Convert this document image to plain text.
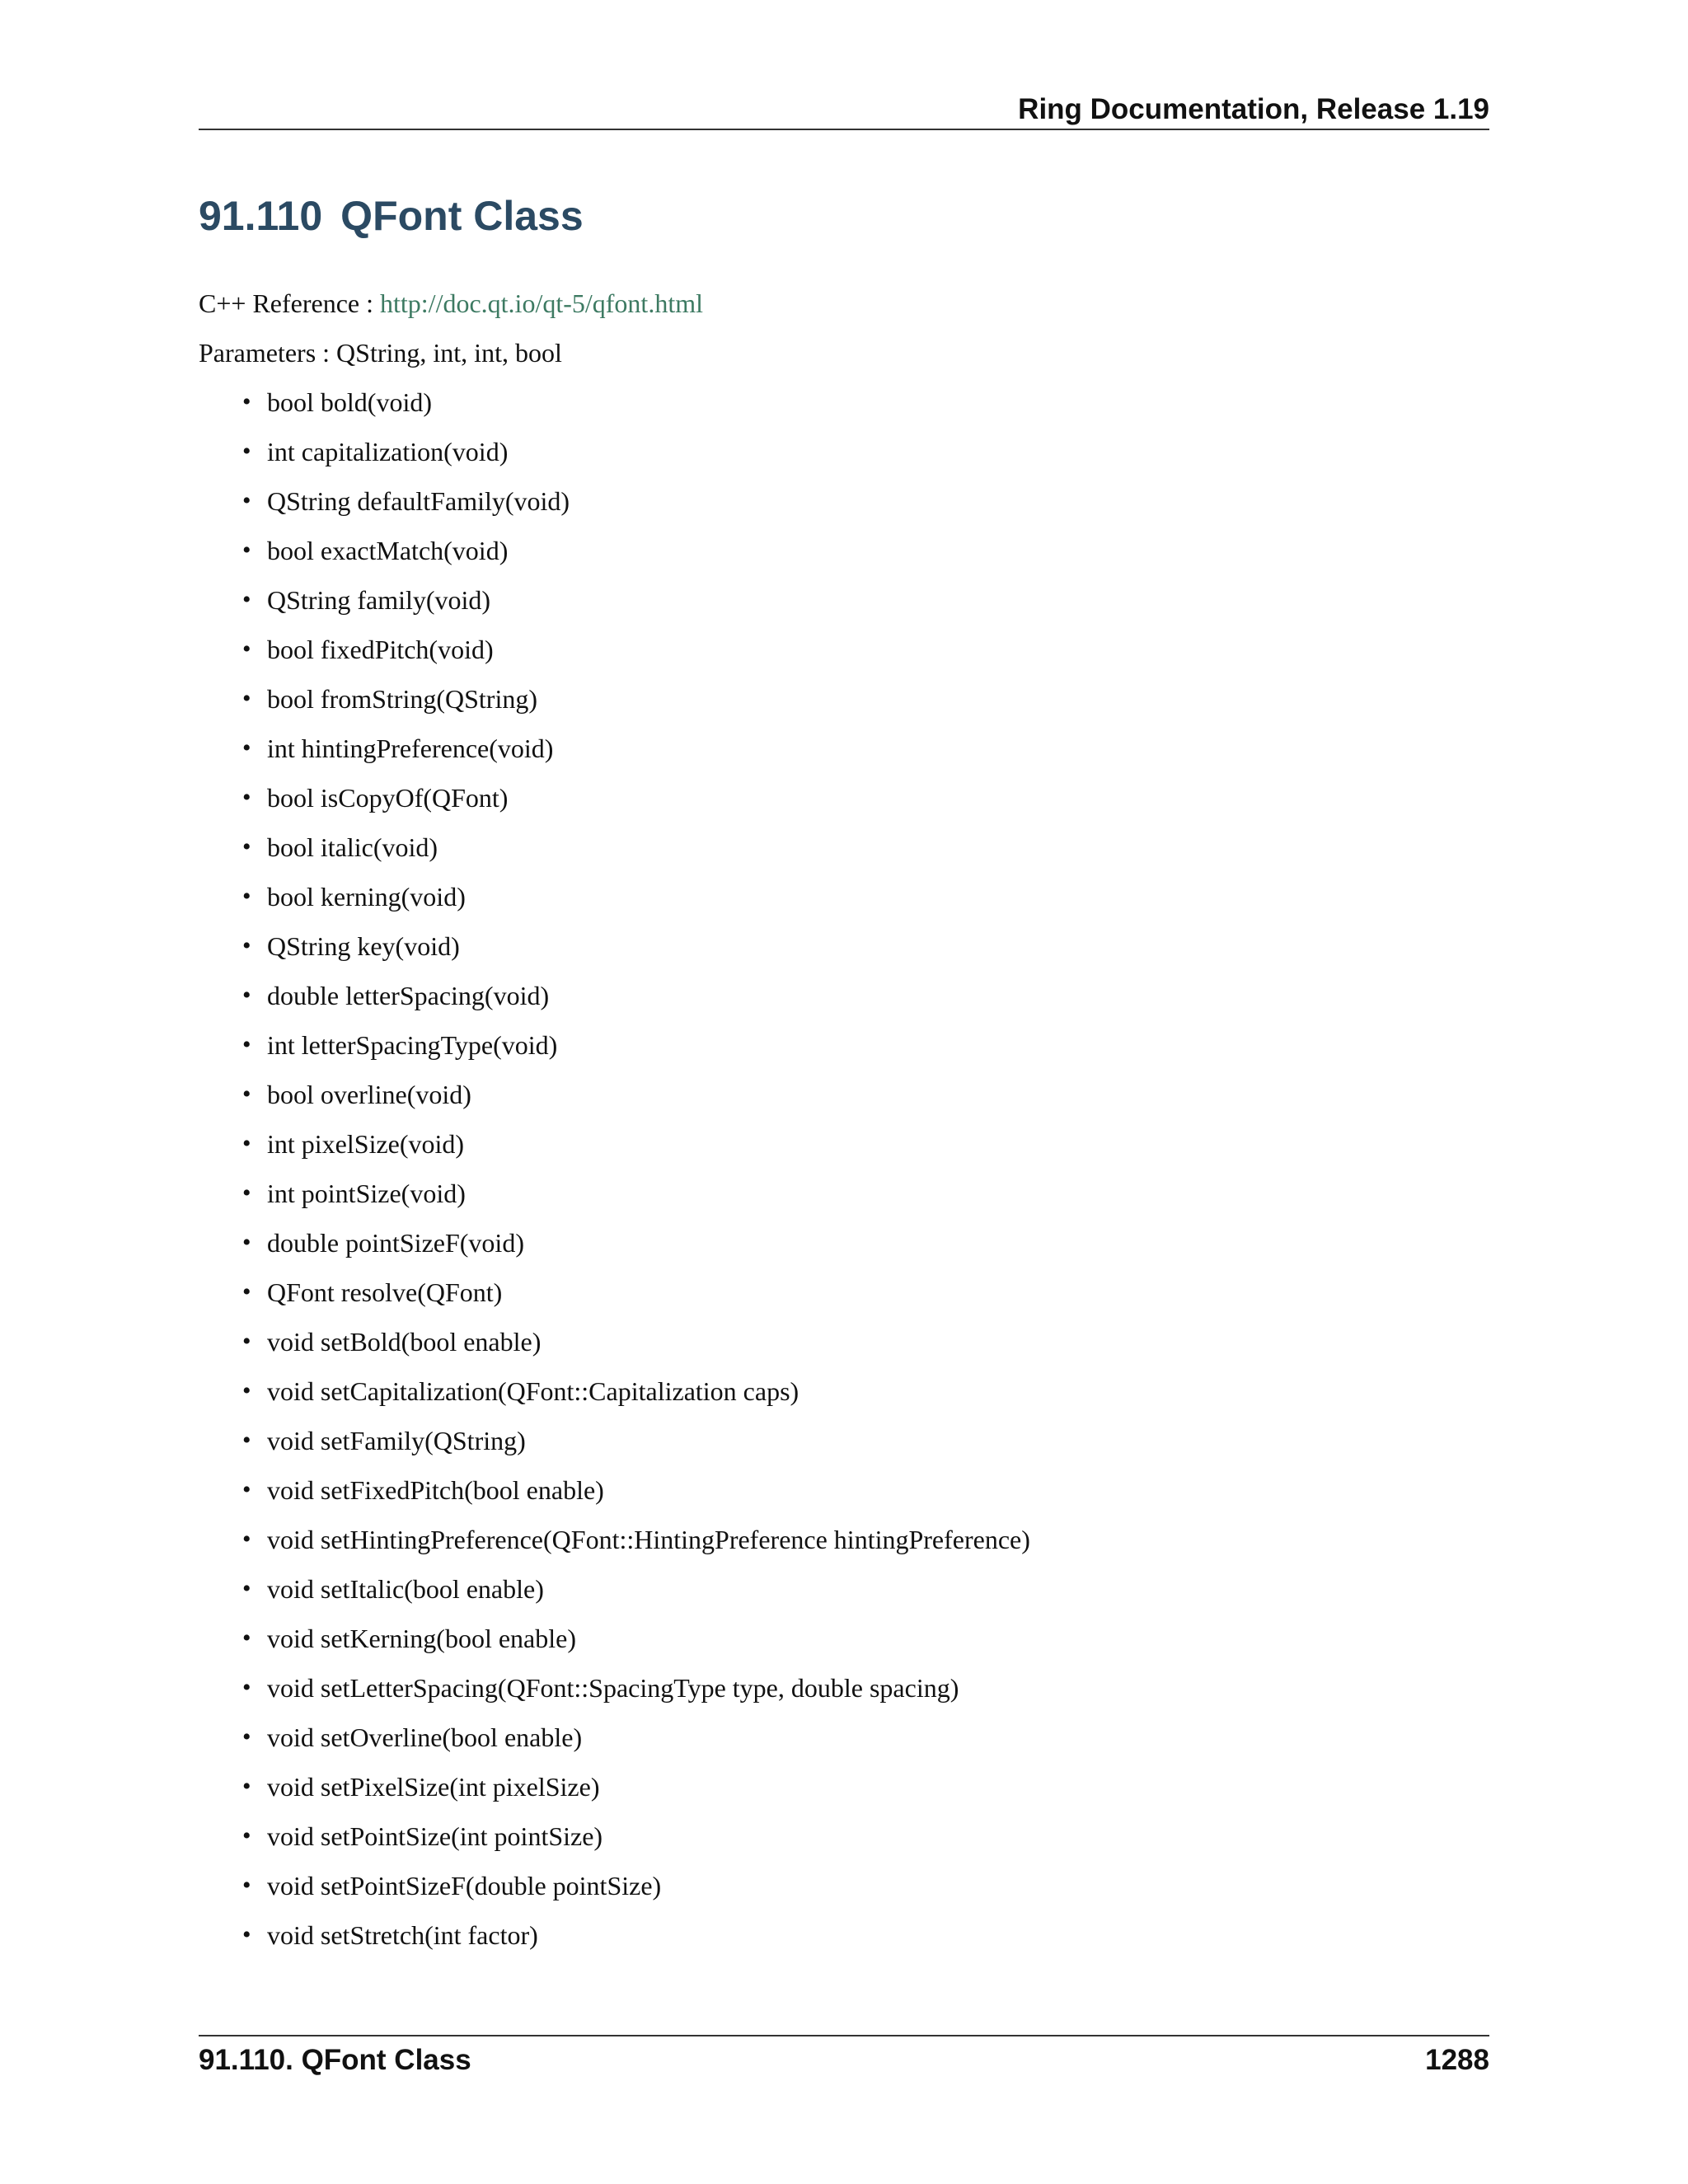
Ring Documentation, Release 1.19
91.110 QFont Class
C++ Reference : http://doc.qt.io/qt-5/qfont.html
Parameters : QString, int, int, bool
• bool bold(void)
• int capitalization(void)
• QString defaultFamily(void)
• bool exactMatch(void)
• QString family(void)
• bool fixedPitch(void)
• bool fromString(QString)
• int hintingPreference(void)
• bool isCopyOf(QFont)
• bool italic(void)
• bool kerning(void)
• QString key(void)
• double letterSpacing(void)
• int letterSpacingType(void)
• bool overline(void)
• int pixelSize(void)
• int pointSize(void)
• double pointSizeF(void)
• QFont resolve(QFont)
• void setBold(bool enable)
• void setCapitalization(QFont::Capitalization caps)
• void setFamily(QString)
• void setFixedPitch(bool enable)
• void setHintingPreference(QFont::HintingPreference hintingPreference)
• void setItalic(bool enable)
• void setKerning(bool enable)
• void setLetterSpacing(QFont::SpacingType type, double spacing)
• void setOverline(bool enable)
• void setPixelSize(int pixelSize)
• void setPointSize(int pointSize)
• void setPointSizeF(double pointSize)
• void setStretch(int factor)
91.110. QFont Class	1288
